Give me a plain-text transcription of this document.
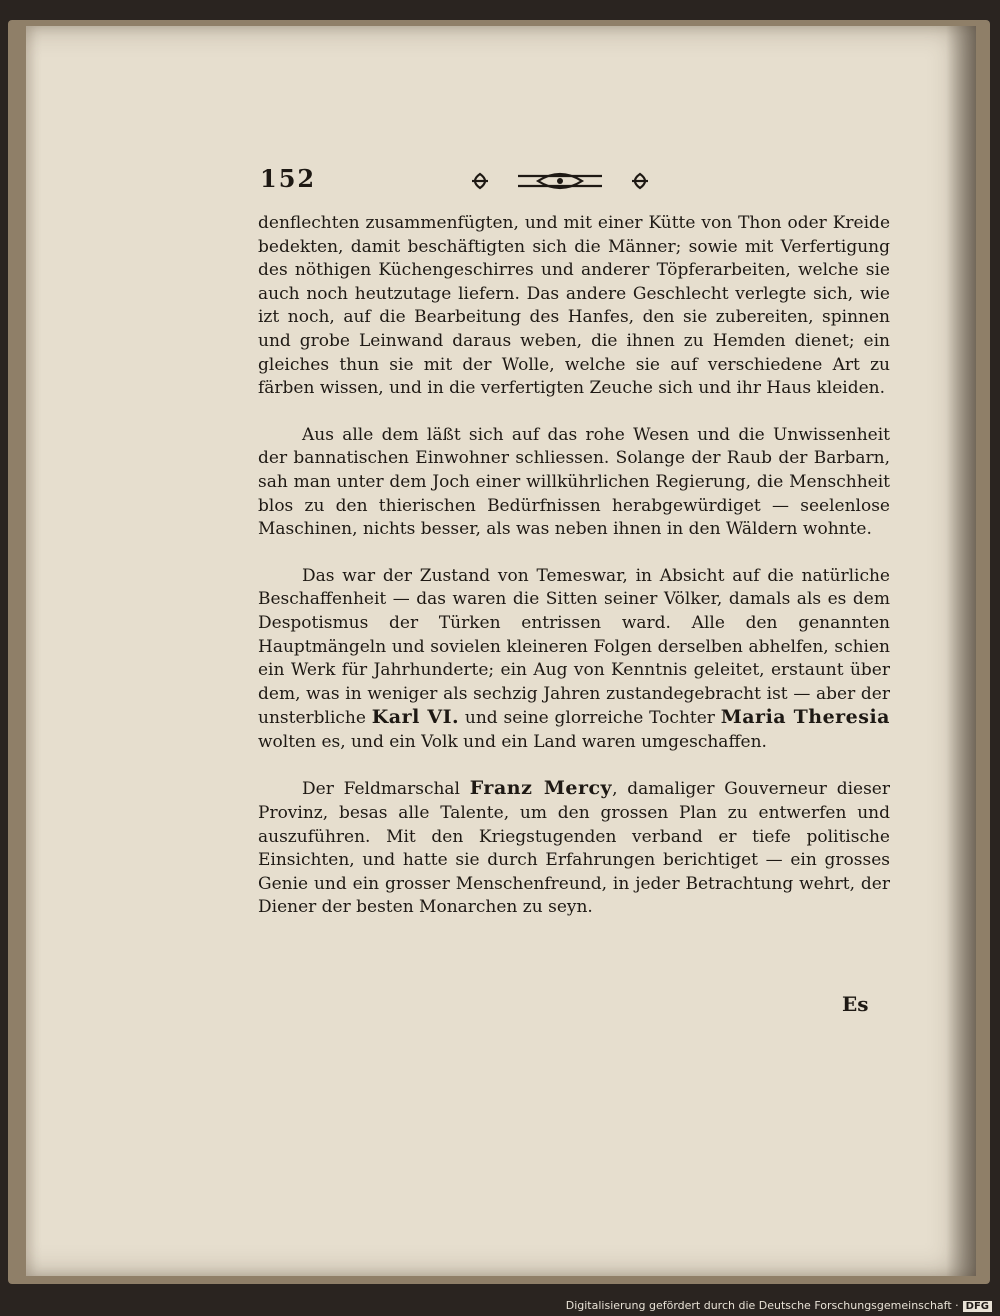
152

denflechten zusammenfügten, und mit einer Kütte von Thon oder Kreide bedekten, damit beschäftigten sich die Männer; sowie mit Verfertigung des nöthigen Küchengeschirres und anderer Töpferarbeiten, welche sie auch noch heutzutage liefern. Das andere Geschlecht verlegte sich, wie izt noch, auf die Bearbeitung des Hanfes, den sie zubereiten, spinnen und grobe Leinwand daraus weben, die ihnen zu Hemden dienet; ein gleiches thun sie mit der Wolle, welche sie auf verschiedene Art zu färben wissen, und in die verfertigten Zeuche sich und ihr Haus kleiden.

Aus alle dem läßt sich auf das rohe Wesen und die Unwissenheit der bannatischen Einwohner schliessen. Solange der Raub der Barbarn, sah man unter dem Joch einer willkührlichen Regierung, die Menschheit blos zu den thierischen Bedürfnissen herabgewürdiget — seelenlose Maschinen, nichts besser, als was neben ihnen in den Wäldern wohnte.

Das war der Zustand von Temeswar, in Absicht auf die natürliche Beschaffenheit — das waren die Sitten seiner Völker, damals als es dem Despotismus der Türken entrissen ward. Alle den genannten Hauptmängeln und sovielen kleineren Folgen derselben abhelfen, schien ein Werk für Jahrhunderte; ein Aug von Kenntnis geleitet, erstaunt über dem, was in weniger als sechzig Jahren zustandegebracht ist — aber der unsterbliche Karl VI. und seine glorreiche Tochter Maria Theresia wolten es, und ein Volk und ein Land waren umgeschaffen.

Der Feldmarschal Franz Mercy, damaliger Gouverneur dieser Provinz, besas alle Talente, um den grossen Plan zu entwerfen und auszuführen. Mit den Kriegstugenden verband er tiefe politische Einsichten, und hatte sie durch Erfahrungen berichtiget — ein grosses Genie und ein grosser Menschenfreund, in jeder Betrachtung wehrt, der Diener der besten Monarchen zu seyn.

Es
Digitalisierung gefördert durch die Deutsche Forschungsgemeinschaft · DFG
